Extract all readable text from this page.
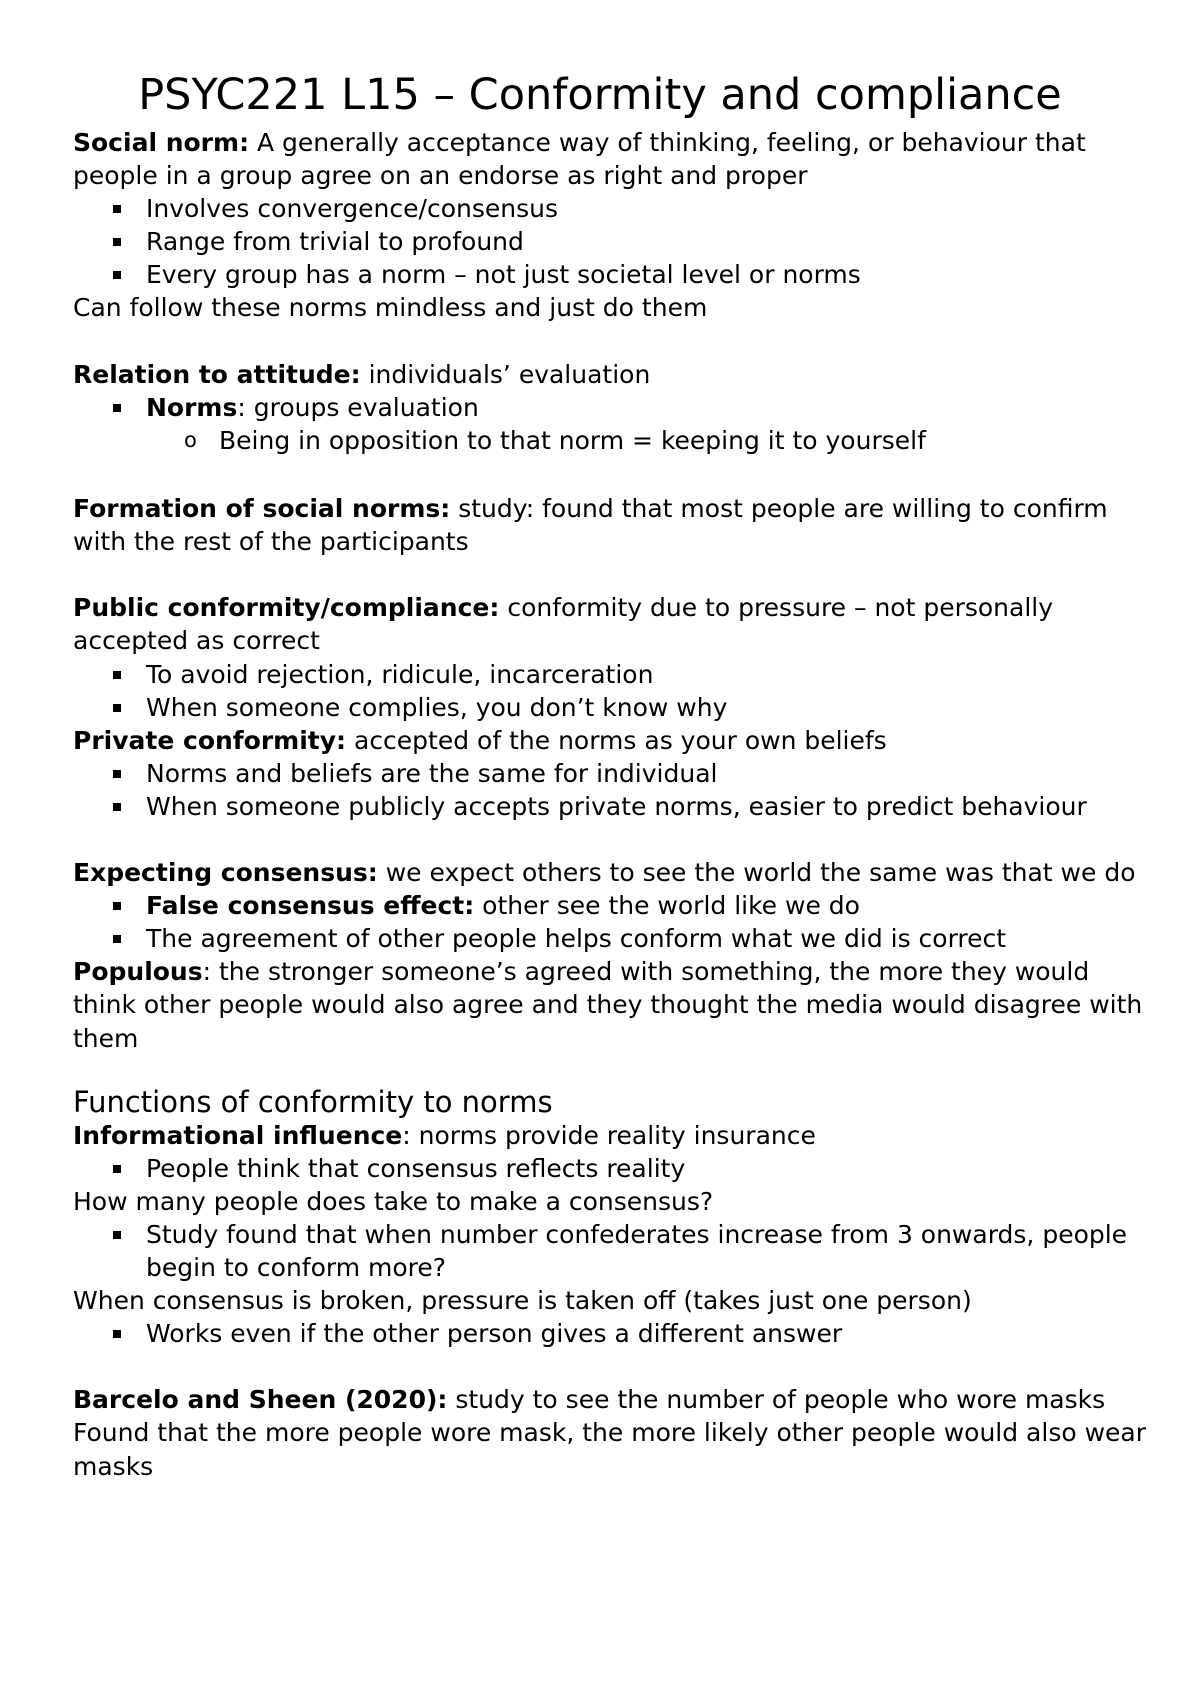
PSYC221 L15 – Conformity and compliance

Social norm: A generally acceptance way of thinking, feeling, or behaviour that people in a group agree on an endorse as right and proper

Involves convergence/consensus
Range from trivial to profound
Every group has a norm – not just societal level or norms

Can follow these norms mindless and just do them

Relation to attitude: individuals’ evaluation

Norms: groups evaluation
o Being in opposition to that norm = keeping it to yourself

Formation of social norms: study: found that most people are willing to confirm with the rest of the participants

Public conformity/compliance: conformity due to pressure – not personally accepted as correct

To avoid rejection, ridicule, incarceration
When someone complies, you don’t know why

Private conformity: accepted of the norms as your own beliefs

Norms and beliefs are the same for individual
When someone publicly accepts private norms, easier to predict behaviour

Expecting consensus: we expect others to see the world the same was that we do

False consensus effect: other see the world like we do
The agreement of other people helps conform what we did is correct

Populous: the stronger someone’s agreed with something, the more they would think other people would also agree and they thought the media would disagree with them

Functions of conformity to norms

Informational influence: norms provide reality insurance

People think that consensus reflects reality

How many people does take to make a consensus?

Study found that when number confederates increase from 3 onwards, people begin to conform more?

When consensus is broken, pressure is taken off (takes just one person)

Works even if the other person gives a different answer

Barcelo and Sheen (2020): study to see the number of people who wore masks

Found that the more people wore mask, the more likely other people would also wear masks
